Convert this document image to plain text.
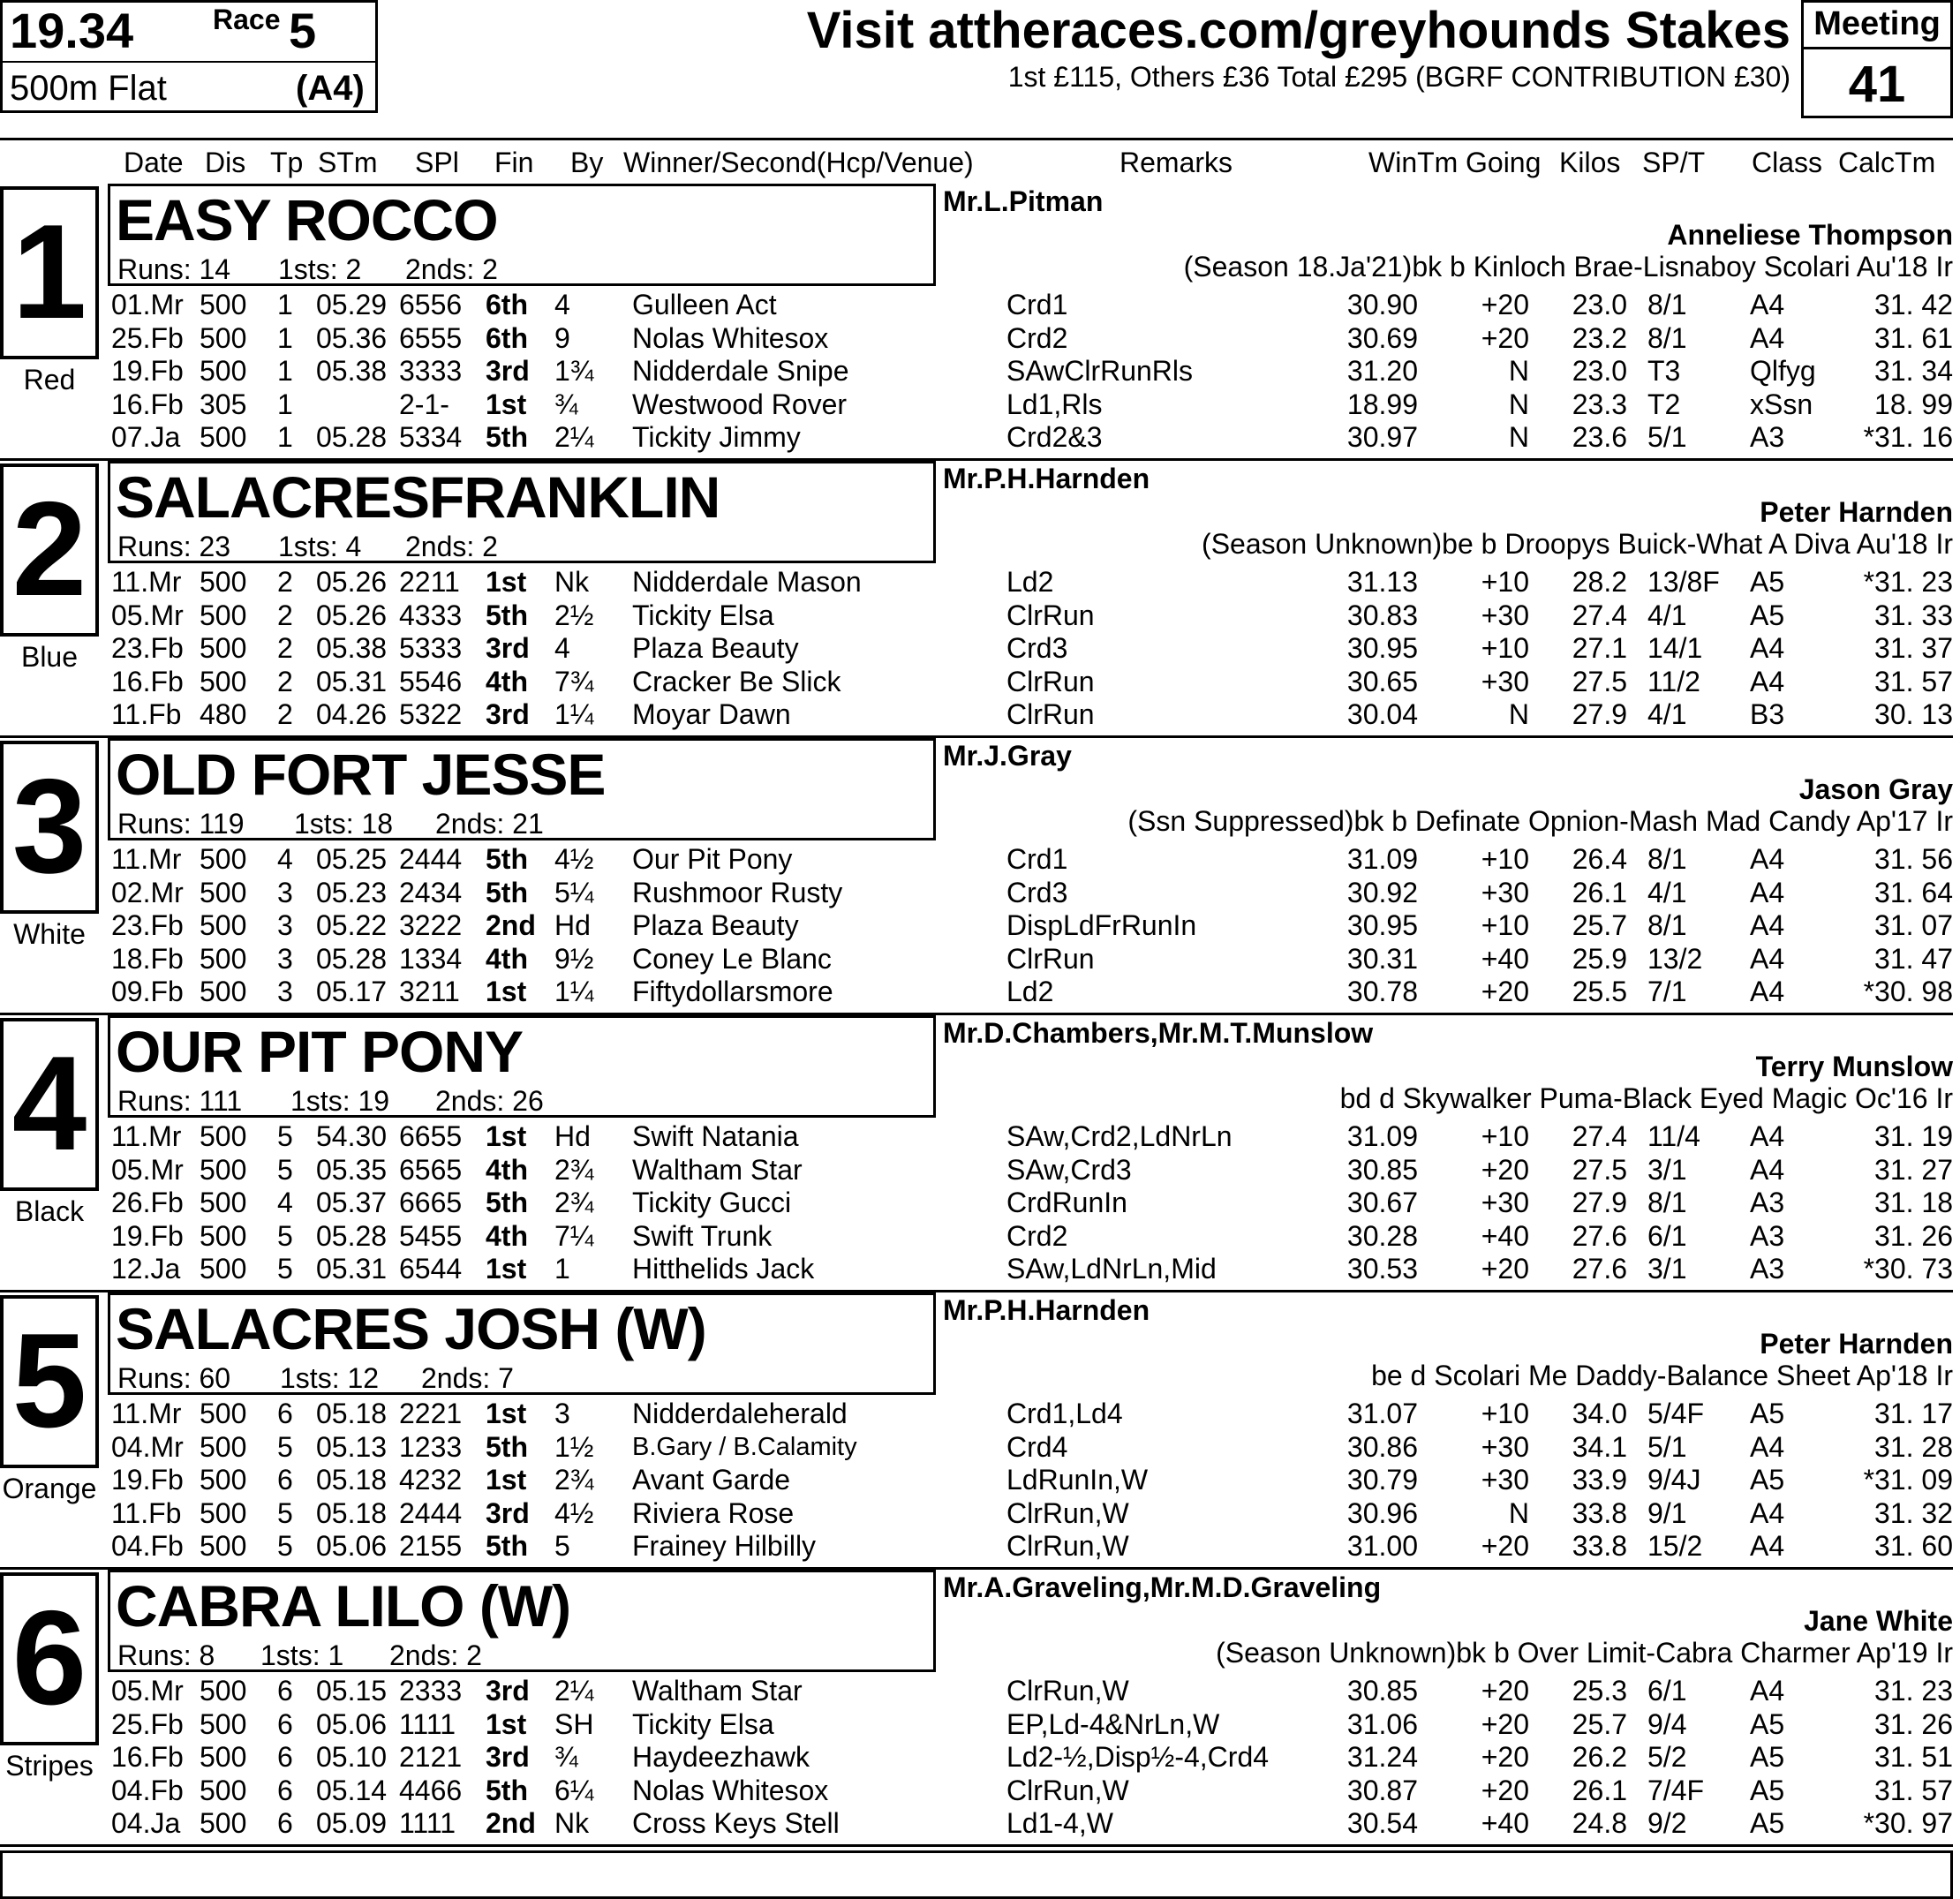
19.34	Race 5
500m Flat	(A4)
Visit attheraces.com/greyhounds Stakes
1st £115, Others £36 Total £295 (BGRF CONTRIBUTION £30)
Meeting
41
Date Dis Tp STm SPl Fin By Winner/Second(Hcp/Venue)	Remarks	WinTm Going Kilos SP/T Class CalcTm
1
Red
EASY ROCCO
Runs: 14 1sts: 2 2nds: 2
Mr.L.Pitman
Anneliese Thompson
(Season 18.Ja'21)bk b Kinloch Brae-Lisnaboy Scolari Au'18 Ir
01.Mr 500 1 05.29 6556 6th 4 Gulleen Act	Crd1	30.90 +20 23.0 8/1 A4	31. 42
25.Fb 500 1 05.36 6555 6th 9 Nolas Whitesox	Crd2	30.69 +20 23.2 8/1 A4	31. 61
19.Fb 500 1 05.38 3333 3rd 1¾ Nidderdale Snipe	SAwClrRunRls	31.20	N 23.0 T3 Qlfyg 31. 34
16.Fb 305 1	2-1- 1st ¾ Westwood Rover	Ld1,Rls	18.99	N 23.3 T2 xSsn 18. 99
07.Ja 500 1 05.28 5334 5th 2¼ Tickity Jimmy	Crd2&3	30.97	N 23.6 5/1 A3	*31. 16
2
Blue
SALACRESFRANKLIN
Runs: 23 1sts: 4 2nds: 2
Mr.P.H.Harnden
Peter Harnden
(Season Unknown)be b Droopys Buick-What A Diva Au'18 Ir
11.Mr 500 2 05.26 2211 1st Nk Nidderdale Mason	Ld2	31.13 +10 28.2 13/8F A5	*31. 23
05.Mr 500 2 05.26 4333 5th 2½ Tickity Elsa	ClrRun	30.83 +30 27.4 4/1 A5	31. 33
23.Fb 500 2 05.38 5333 3rd 4 Plaza Beauty	Crd3	30.95 +10 27.1 14/1 A4	31. 37
16.Fb 500 2 05.31 5546 4th 7¾ Cracker Be Slick	ClrRun	30.65 +30 27.5 11/2 A4	31. 57
11.Fb 480 2 04.26 5322 3rd 1¼ Moyar Dawn	ClrRun	30.04	N 27.9 4/1 B3	30. 13
3
White
OLD FORT JESSE
Runs: 119 1sts: 18 2nds: 21
Mr.J.Gray
Jason Gray
(Ssn Suppressed)bk b Definate Opnion-Mash Mad Candy Ap'17 Ir
11.Mr 500 4 05.25 2444 5th 4½ Our Pit Pony	Crd1	31.09 +10 26.4 8/1 A4	31. 56
02.Mr 500 3 05.23 2434 5th 5¼ Rushmoor Rusty	Crd3	30.92 +30 26.1 4/1 A4	31. 64
23.Fb 500 3 05.22 3222 2nd Hd Plaza Beauty	DispLdFrRunIn	30.95 +10 25.7 8/1 A4	31. 07
18.Fb 500 3 05.28 1334 4th 9½ Coney Le Blanc	ClrRun	30.31 +40 25.9 13/2 A4	31. 47
09.Fb 500 3 05.17 3211 1st 1¼ Fiftydollarsmore	Ld2	30.78 +20 25.5 7/1 A4	*30. 98
4
Black
OUR PIT PONY
Runs: 111 1sts: 19 2nds: 26
Mr.D.Chambers,Mr.M.T.Munslow
Terry Munslow
bd d Skywalker Puma-Black Eyed Magic Oc'16 Ir
11.Mr 500 5 54.30 6655 1st Hd Swift Natania	SAw,Crd2,LdNrLn	31.09 +10 27.4 11/4 A4	31. 19
05.Mr 500 5 05.35 6565 4th 2¾ Waltham Star	SAw,Crd3	30.85 +20 27.5 3/1 A4	31. 27
26.Fb 500 4 05.37 6665 5th 2¾ Tickity Gucci	CrdRunIn	30.67 +30 27.9 8/1 A3	31. 18
19.Fb 500 5 05.28 5455 4th 7¼ Swift Trunk	Crd2	30.28 +40 27.6 6/1 A3	31. 26
12.Ja 500 5 05.31 6544 1st 1 Hitthelids Jack	SAw,LdNrLn,Mid	30.53 +20 27.6 3/1 A3	*30. 73
5
Orange
SALACRES JOSH (W)
Runs: 60 1sts: 12 2nds: 7
Mr.P.H.Harnden
Peter Harnden
be d Scolari Me Daddy-Balance Sheet Ap'18 Ir
11.Mr 500 6 05.18 2221 1st 3 Nidderdaleherald	Crd1,Ld4	31.07 +10 34.0 5/4F A5	31. 17
04.Mr 500 5 05.13 1233 5th 1½ B.Gary / B.Calamity	Crd4	30.86 +30 34.1 5/1 A4	31. 28
19.Fb 500 6 05.18 4232 1st 2¾ Avant Garde	LdRunIn,W	30.79 +30 33.9 9/4J A5	*31. 09
11.Fb 500 5 05.18 2444 3rd 4½ Riviera Rose	ClrRun,W	30.96	N 33.8 9/1 A4	31. 32
04.Fb 500 5 05.06 2155 5th 5 Frainey Hilbilly	ClrRun,W	31.00 +20 33.8 15/2 A4	31. 60
6
Stripes
CABRA LILO (W)
Runs: 8 1sts: 1 2nds: 2
Mr.A.Graveling,Mr.M.D.Graveling
Jane White
(Season Unknown)bk b Over Limit-Cabra Charmer Ap'19 Ir
05.Mr 500 6 05.15 2333 3rd 2¼ Waltham Star	ClrRun,W	30.85 +20 25.3 6/1 A4	31. 23
25.Fb 500 6 05.06 1111 1st SH Tickity Elsa	EP,Ld-4&NrLn,W	31.06 +20 25.7 9/4 A5	31. 26
16.Fb 500 6 05.10 2121 3rd ¾ Haydeezhawk	Ld2-½,Disp½-4,Crd4	31.24 +20 26.2 5/2 A5	31. 51
04.Fb 500 6 05.14 4466 5th 6¼ Nolas Whitesox	ClrRun,W	30.87 +20 26.1 7/4F A5	31. 57
04.Ja 500 6 05.09 1111 2nd Nk Cross Keys Stell	Ld1-4,W	30.54 +40 24.8 9/2 A5	*30. 97
